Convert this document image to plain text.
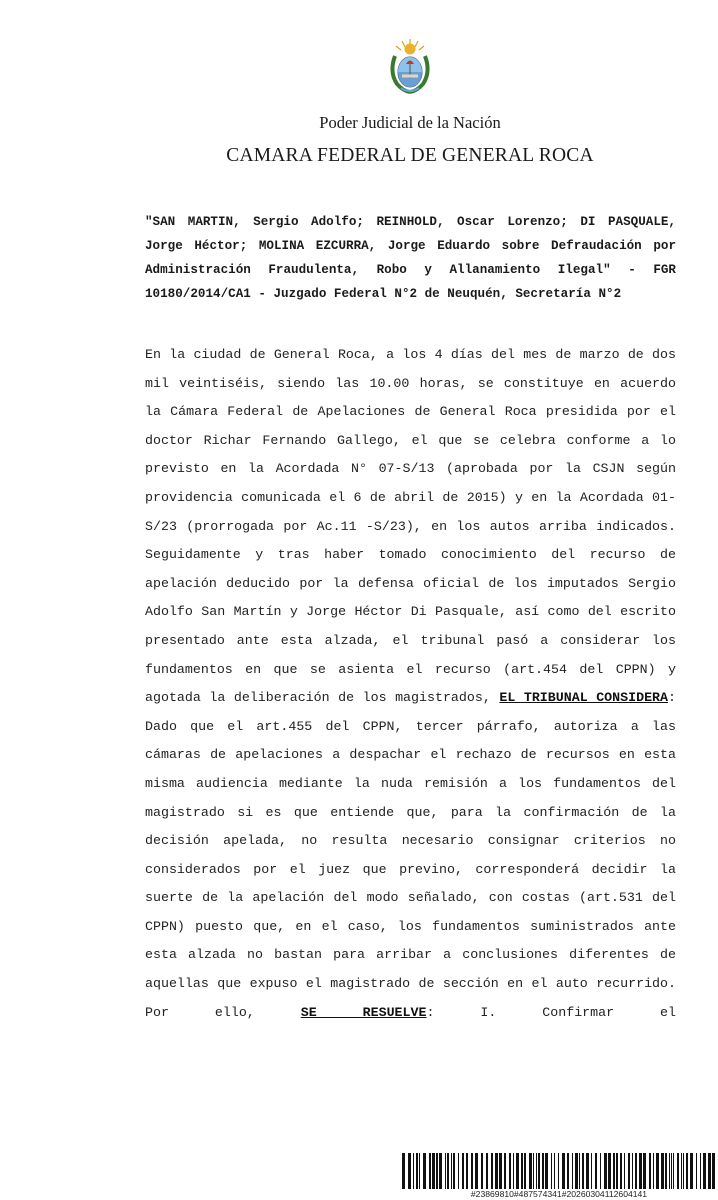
Poder Judicial de la Nación
CAMARA FEDERAL DE GENERAL ROCA
"SAN MARTIN, Sergio Adolfo; REINHOLD, Oscar Lorenzo; DI PASQUALE, Jorge Héctor; MOLINA EZCURRA, Jorge Eduardo sobre Defraudación por Administración Fraudulenta, Robo y Allanamiento Ilegal" - FGR 10180/2014/CA1 - Juzgado Federal N°2 de Neuquén, Secretaría N°2
En la ciudad de General Roca, a los 4 días del mes de marzo de dos mil veintiséis, siendo las 10.00 horas, se constituye en acuerdo la Cámara Federal de Apelaciones de General Roca presidida por el doctor Richar Fernando Gallego, el que se celebra conforme a lo previsto en la Acordada N° 07-S/13 (aprobada por la CSJN según providencia comunicada el 6 de abril de 2015) y en la Acordada 01-S/23 (prorrogada por Ac.11 -S/23), en los autos arriba indicados. Seguidamente y tras haber tomado conocimiento del recurso de apelación deducido por la defensa oficial de los imputados Sergio Adolfo San Martín y Jorge Héctor Di Pasquale, así como del escrito presentado ante esta alzada, el tribunal pasó a considerar los fundamentos en que se asienta el recurso (art.454 del CPPN) y agotada la deliberación de los magistrados, EL TRIBUNAL CONSIDERA: Dado que el art.455 del CPPN, tercer párrafo, autoriza a las cámaras de apelaciones a despachar el rechazo de recursos en esta misma audiencia mediante la nuda remisión a los fundamentos del magistrado si es que entiende que, para la confirmación de la decisión apelada, no resulta necesario consignar criterios no considerados por el juez que previno, corresponderá decidir la suerte de la apelación del modo señalado, con costas (art.531 del CPPN) puesto que, en el caso, los fundamentos suministrados ante esta alzada no bastan para arribar a conclusiones diferentes de aquellas que expuso el magistrado de sección en el auto recurrido. Por ello,	SE RESUELVE: I. Confirmar el
#23869810#487574341#20260304112604141
